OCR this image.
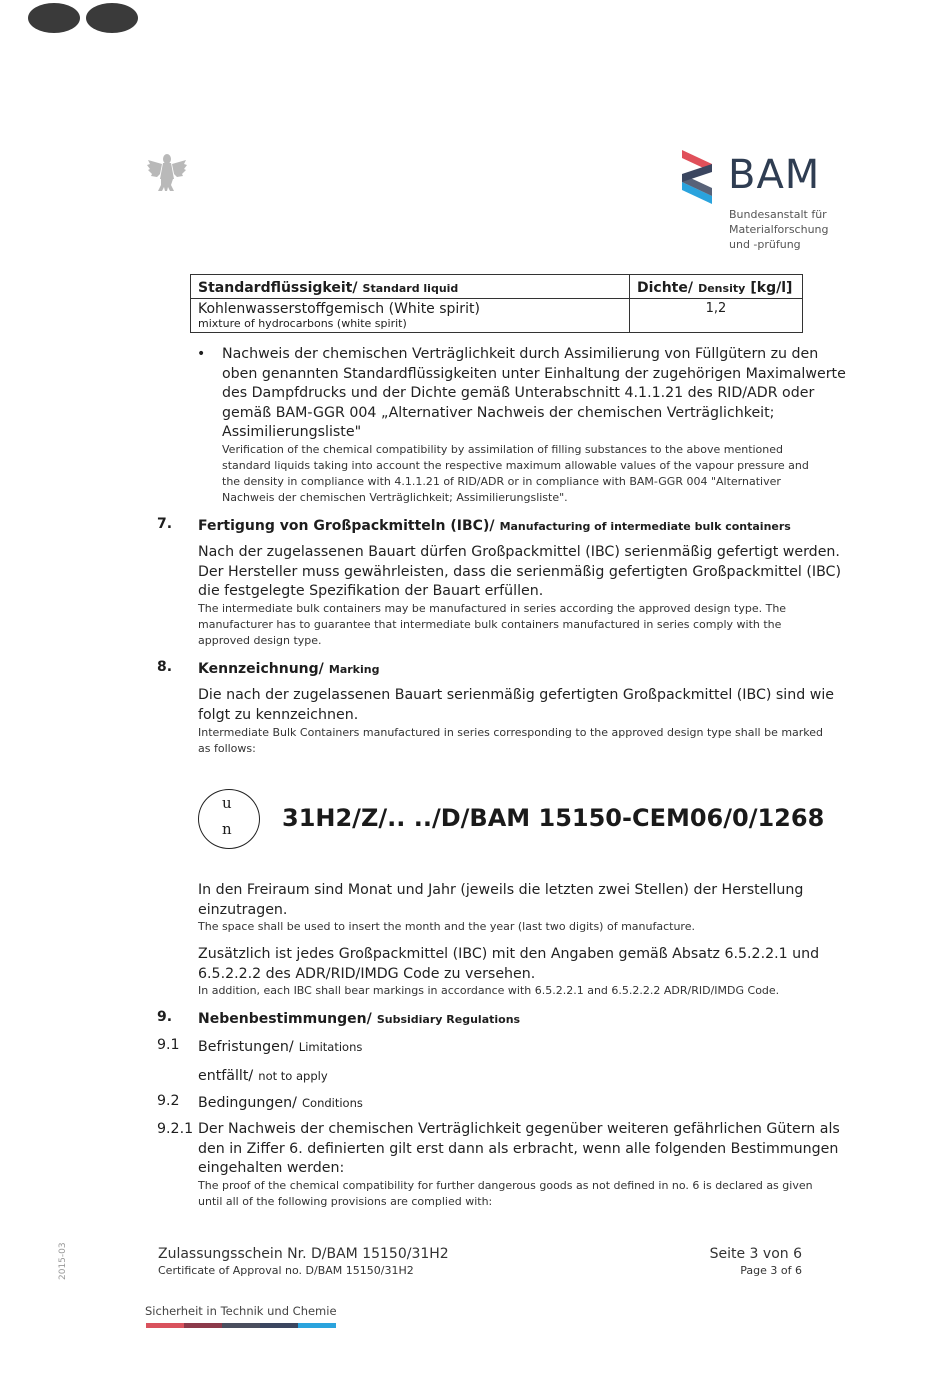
BAM
Bundesanstalt für
Materialforschung
und -prüfung
Standardflüssigkeit/ Standard liquid	Dichte/ Density [kg/l]

Kohlenwasserstoffgemisch (White spirit)
mixture of hydrocarbons (white spirit)	1,2
• Nachweis der chemischen Verträglichkeit durch Assimilierung von Füllgütern zu den
oben genannten Standardflüssigkeiten unter Einhaltung der zugehörigen Maximalwerte
des Dampfdrucks und der Dichte gemäß Unterabschnitt 4.1.1.21 des RID/ADR oder
gemäß BAM-GGR 004 „Alternativer Nachweis der chemischen Verträglichkeit;
Assimilierungsliste"
Verification of the chemical compatibility by assimilation of filling substances to the above mentioned
standard liquids taking into account the respective maximum allowable values of the vapour pressure and
the density in compliance with 4.1.1.21 of RID/ADR or in compliance with BAM-GGR 004 "Alternativer
Nachweis der chemischen Verträglichkeit; Assimilierungsliste".
7. Fertigung von Großpackmitteln (IBC)/ Manufacturing of intermediate bulk containers
Nach der zugelassenen Bauart dürfen Großpackmittel (IBC) serienmäßig gefertigt werden.
Der Hersteller muss gewährleisten, dass die serienmäßig gefertigten Großpackmittel (IBC)
die festgelegte Spezifikation der Bauart erfüllen.
The intermediate bulk containers may be manufactured in series according the approved design type. The
manufacturer has to guarantee that intermediate bulk containers manufactured in series comply with the
approved design type.
8. Kennzeichnung/ Marking
Die nach der zugelassenen Bauart serienmäßig gefertigten Großpackmittel (IBC) sind wie
folgt zu kennzeichnen.
Intermediate Bulk Containers manufactured in series corresponding to the approved design type shall be marked
as follows:
u
n 31H2/Z/.. ../D/BAM 15150-CEM06/0/1268
In den Freiraum sind Monat und Jahr (jeweils die letzten zwei Stellen) der Herstellung
einzutragen.
The space shall be used to insert the month and the year (last two digits) of manufacture.
Zusätzlich ist jedes Großpackmittel (IBC) mit den Angaben gemäß Absatz 6.5.2.2.1 und
6.5.2.2.2 des ADR/RID/IMDG Code zu versehen.
In addition, each IBC shall bear markings in accordance with 6.5.2.2.1 and 6.5.2.2.2 ADR/RID/IMDG Code.
9. Nebenbestimmungen/ Subsidiary Regulations
9.1 Befristungen/ Limitations
entfällt/ not to apply
9.2 Bedingungen/ Conditions
9.2.1 Der Nachweis der chemischen Verträglichkeit gegenüber weiteren gefährlichen Gütern als
den in Ziffer 6. definierten gilt erst dann als erbracht, wenn alle folgenden Bestimmungen
eingehalten werden:
The proof of the chemical compatibility for further dangerous goods as not defined in no. 6 is declared as given
until all of the following provisions are complied with:
2015-03	Zulassungsschein Nr. D/BAM 15150/31H2
Certificate of Approval no. D/BAM 15150/31H2
Seite 3 von 6
Page 3 of 6
Sicherheit in Technik und Chemie
